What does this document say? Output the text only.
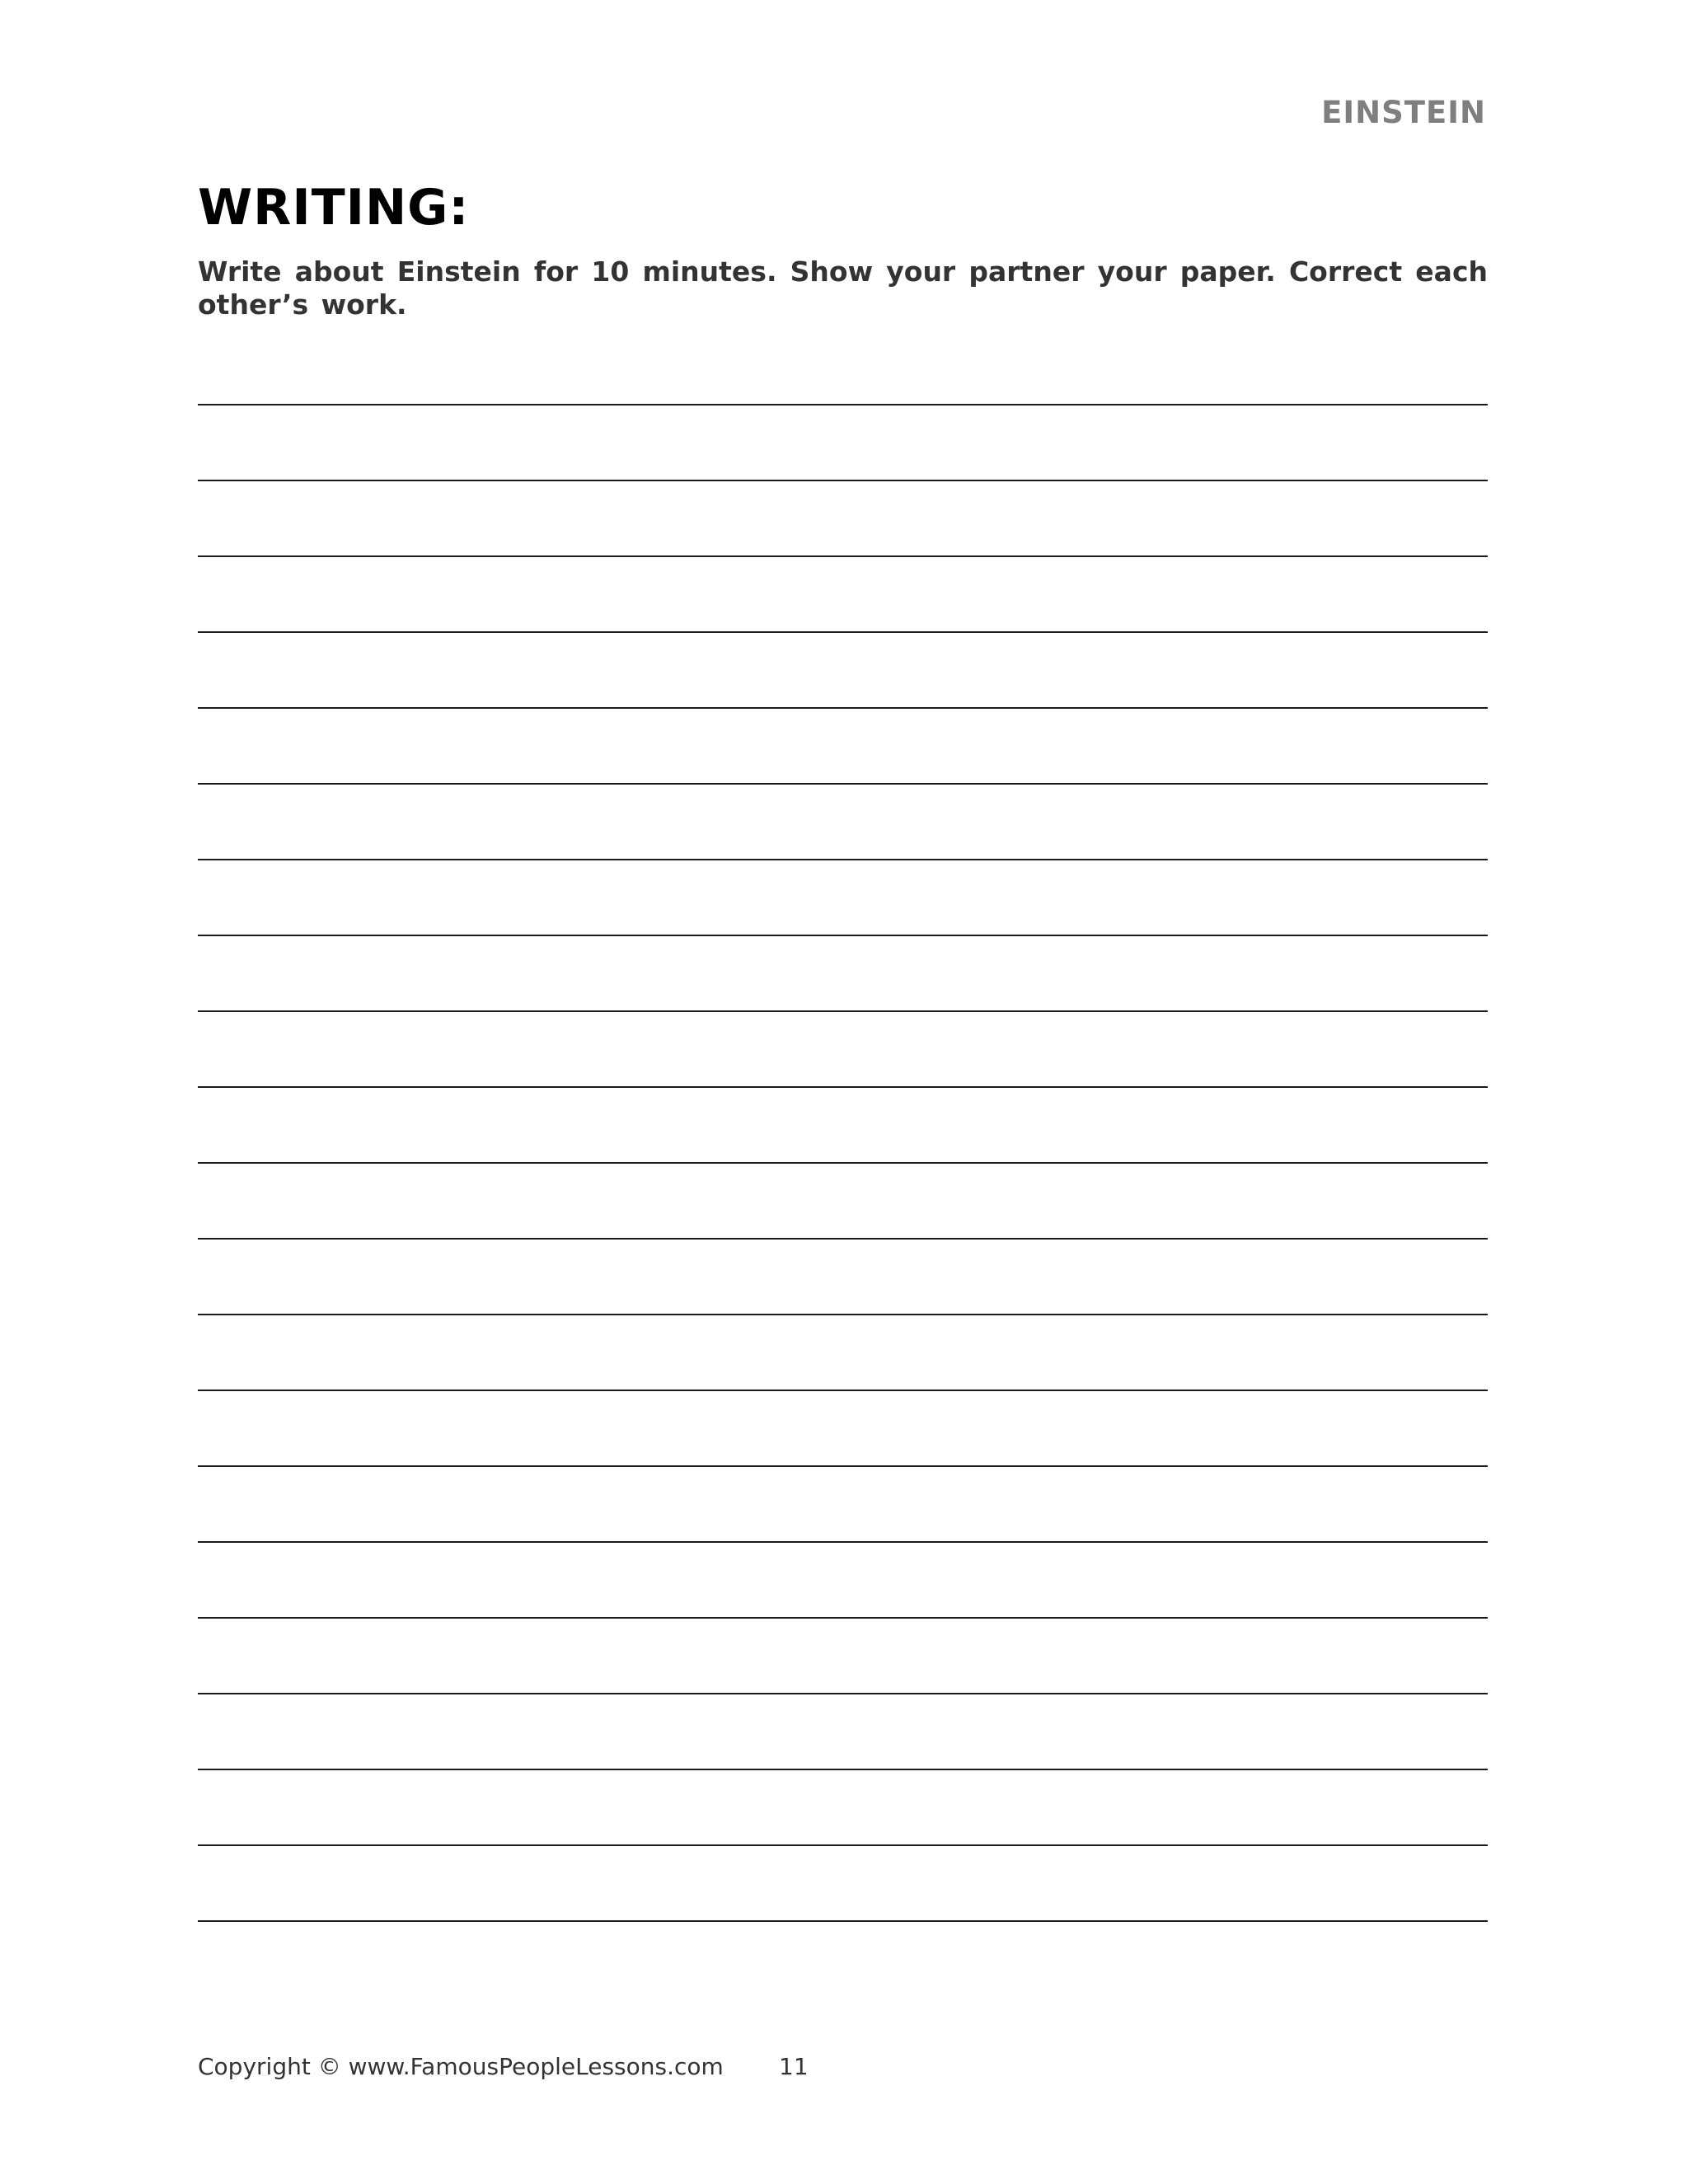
EINSTEIN
WRITING:

Write about Einstein for 10 minutes. Show your partner your paper. Correct each other’s work.

Copyright © www.FamousPeopleLessons.com 11
